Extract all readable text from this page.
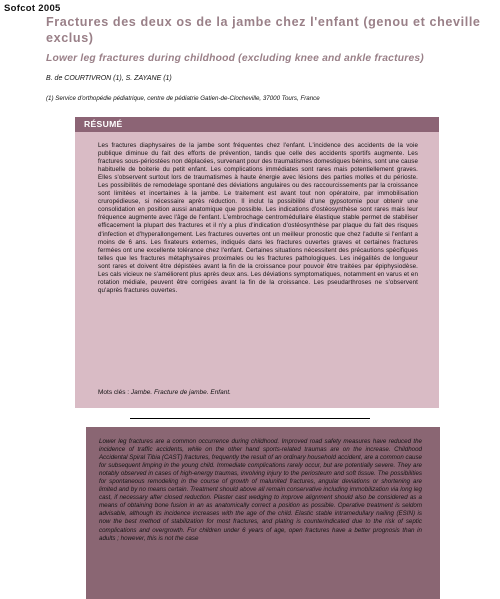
Sofcot 2005
Fractures des deux os de la jambe chez l'enfant (genou et cheville exclus)
Lower leg fractures during childhood (excluding knee and ankle fractures)
B. de COURTIVRON (1), S. ZAYANE (1)
(1) Service d'orthopédie pédiatrique, centre de pédiatrie Gatien-de-Clocheville, 37000 Tours, France
RÉSUMÉ
Les fractures diaphysaires de la jambe sont fréquentes chez l'enfant. L'incidence des accidents de la voie publique diminue du fait des efforts de prévention, tandis que celle des accidents sportifs augmente. Les fractures sous-périostées non déplacées, survenant pour des traumatismes domestiques bénins, sont une cause habituelle de boiterie du petit enfant. Les complications immédiates sont rares mais potentiellement graves. Elles s'observent surtout lors de traumatismes à haute énergie avec lésions des parties molles et du périoste. Les possibilités de remodelage spontané des déviations angulaires ou des raccourcissements par la croissance sont limitées et incertaines à la jambe. Le traitement est avant tout non opératoire, par immobilisation cruropédieuse, si nécessaire après réduction. Il inclut la possibilité d'une gypsotomie pour obtenir une consolidation en position aussi anatomique que possible. Les indications d'ostéosynthèse sont rares mais leur fréquence augmente avec l'âge de l'enfant. L'embrochage centromédullaire élastique stable permet de stabiliser efficacement la plupart des fractures et il n'y a plus d'indication d'ostéosynthèse par plaque du fait des risques d'infection et d'hyperallongement. Les fractures ouvertes ont un meilleur pronostic que chez l'adulte si l'enfant a moins de 6 ans. Les fixateurs externes, indiqués dans les fractures ouvertes graves et certaines fractures fermées ont une excellente tolérance chez l'enfant. Certaines situations nécessitent des précautions spécifiques telles que les fractures métaphysaires proximales ou les fractures pathologiques. Les inégalités de longueur sont rares et doivent être dépistées avant la fin de la croissance pour pouvoir être traitées par épiphysiodèse. Les cals vicieux ne s'améliorent plus après deux ans. Les déviations symptomatiques, notamment en varus et en rotation médiale, peuvent être corrigées avant la fin de la croissance. Les pseudarthroses ne s'observent qu'après fractures ouvertes.
Mots clés : Jambe. Fracture de jambe. Enfant.
Lower leg fractures are a common occurrence during childhood. Improved road safety measures have reduced the incidence of traffic accidents, while on the other hand sports-related traumas are on the increase. Childhood Accidental Spiral Tibia (CAST) fractures, frequently the result of an ordinary household accident, are a common cause for subsequent limping in the young child. Immediate complications rarely occur, but are potentially severe. They are notably observed in cases of high-energy traumas, involving injury to the periosteum and soft tissue. The possibilities for spontaneous remodeling in the course of growth of malunited fractures, angular deviations or shortening are limited and by no means certain. Treatment should above all remain conservative including immobilization via long leg cast, if necessary after closed reduction. Plaster cast wedging to improve alignment should also be considered as a means of obtaining bone fusion in an as anatomically correct a position as possible. Operative treatment is seldom advisable, although its incidence increases with the age of the child. Elastic stable intramedullary nailing (ESIN) is now the best method of stabilization for most fractures, and plating is counterindicated due to the risk of septic complications and overgrowth. For children under 6 years of age, open fractures have a better prognosis than in adults ; however, this is not the case
